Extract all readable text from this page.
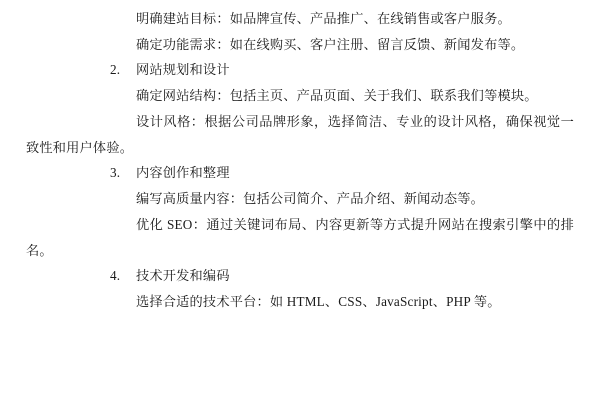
明确建站目标：如品牌宣传、产品推广、在线销售或客户服务。

确定功能需求：如在线购买、客户注册、留言反馈、新闻发布等。

2. 网站规划和设计

确定网站结构：包括主页、产品页面、关于我们、联系我们等模块。

设计风格：根据公司品牌形象，选择简洁、专业的设计风格，确保视觉一致性和用户体验。

3. 内容创作和整理

编写高质量内容：包括公司简介、产品介绍、新闻动态等。

优化 SEO：通过关键词布局、内容更新等方式提升网站在搜索引擎中的排名。

4. 技术开发和编码

选择合适的技术平台：如 HTML、CSS、JavaScript、PHP 等。
